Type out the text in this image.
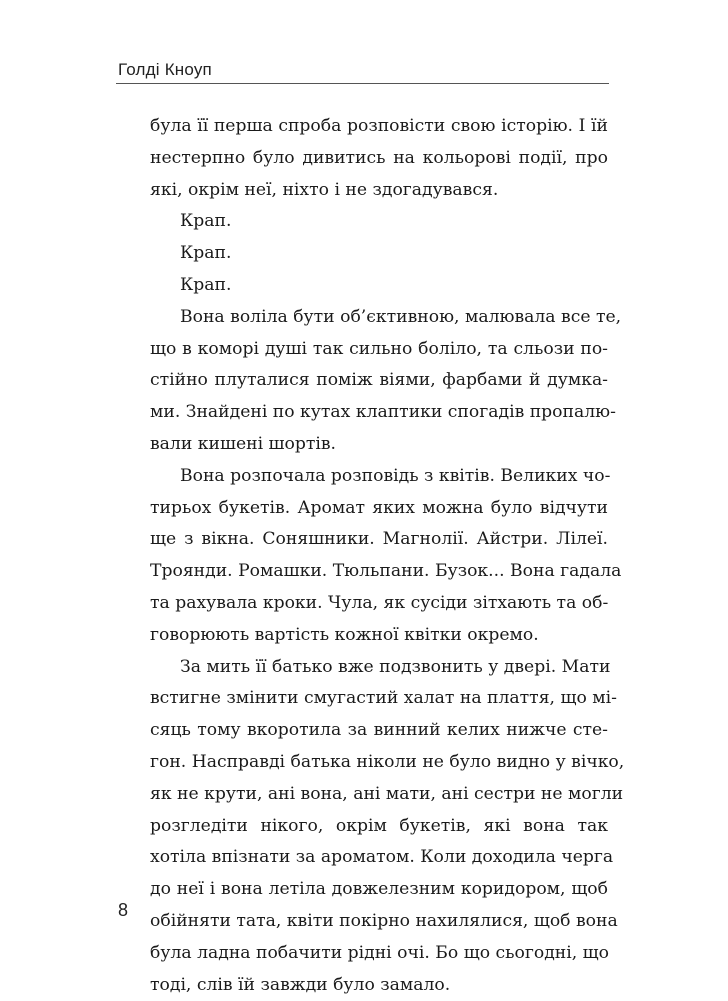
Голді Кноуп
була її перша спроба розповісти свою історію. І їй
нестерпно було дивитись на кольорові події, про
які, окрім неї, ніхто і не здогадувався.
Крап.
Крап.
Крап.
Вона воліла бути об’єктивною, малювала все те,
що в коморі душі так сильно боліло, та сльози по-
стійно плуталися поміж віями, фарбами й думка-
ми. Знайдені по кутах клаптики спогадів пропалю-
вали кишені шортів.
Вона розпочала розповідь з квітів. Великих чо-
тирьох букетів. Аромат яких можна було відчути
ще з вікна. Соняшники. Магнолії. Айстри. Лілеї.
Троянди. Ромашки. Тюльпани. Бузок... Вона гадала
та рахувала кроки. Чула, як сусіди зітхають та об-
говорюють вартість кожної квітки окремо.
За мить її батько вже подзвонить у двері. Мати
встигне змінити смугастий халат на плаття, що мі-
сяць тому вкоротила за винний келих нижче сте-
гон. Насправді батька ніколи не було видно у вічко,
як не крути, ані вона, ані мати, ані сестри не могли
розгледіти нікого, окрім букетів, які вона так
хотіла впізнати за ароматом. Коли доходила черга
до неї і вона летіла довжелезним коридором, щоб
обійняти тата, квіти покірно нахилялися, щоб вона
була ладна побачити рідні очі. Бо що сьогодні, що
тоді, слів їй завжди було замало.
8
